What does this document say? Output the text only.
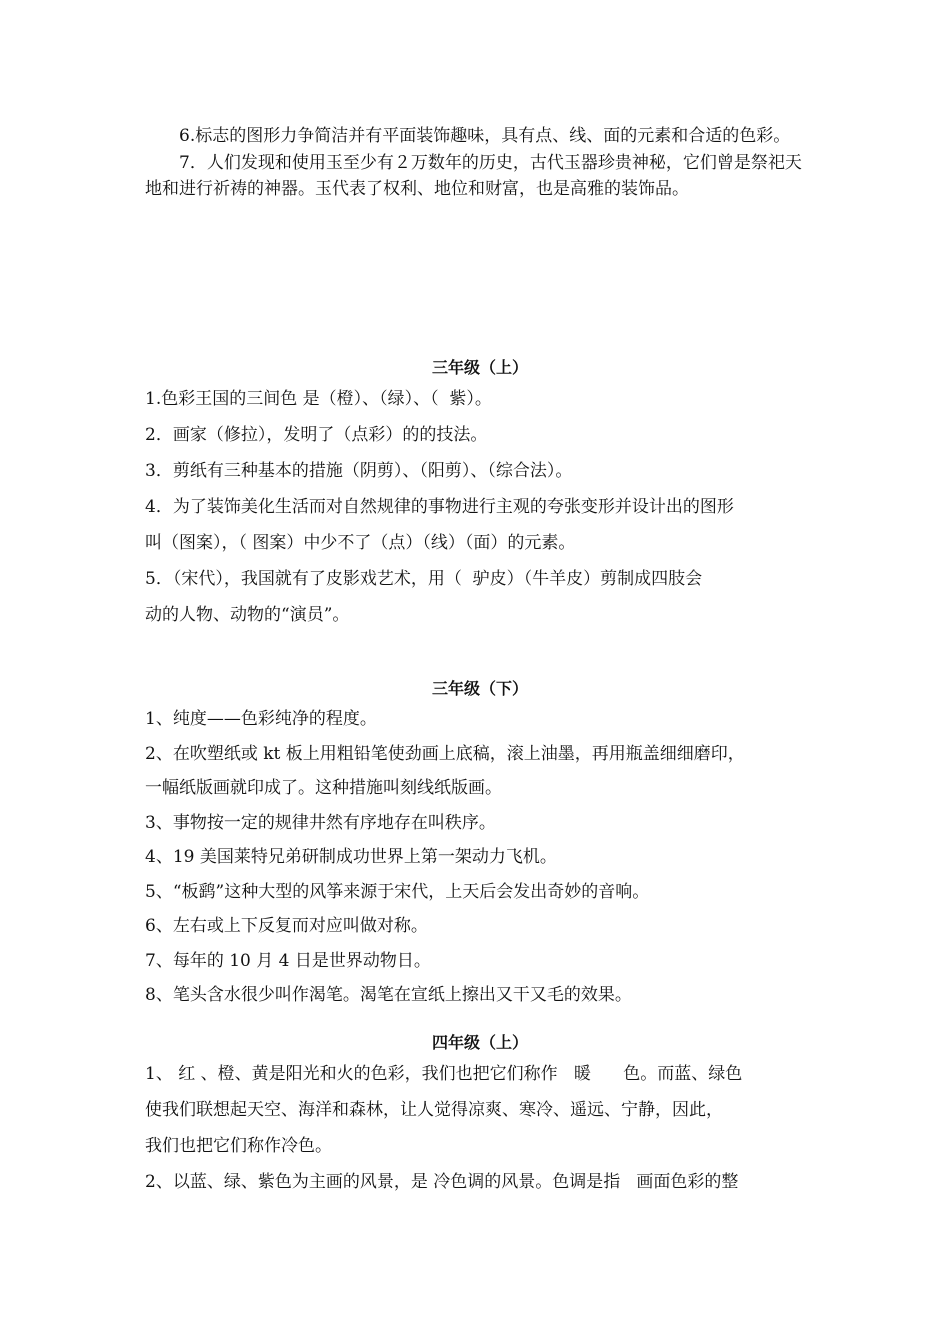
6.标志的图形力争简洁并有平面装饰趣味，具有点、线、面的元素和合适的色彩。

7．人们发现和使用玉至少有２万数年的历史，古代玉器珍贵神秘，它们曾是祭祀天地和进行祈祷的神器。玉代表了权利、地位和财富，也是高雅的装饰品。

三年级（上）

1.色彩王国的三间色 是（橙）、（绿）、（  紫）。

2．画家（修拉），发明了（点彩）的的技法。

3．剪纸有三种基本的措施（阴剪）、（阳剪）、（综合法）。

4．为了装饰美化生活而对自然规律的事物进行主观的夸张变形并设计出的图形

叫（图案），（ 图案）中少不了（点）（线）（面）的元素。

5．（宋代），我国就有了皮影戏艺术，用（  驴皮）（牛羊皮）剪制成四肢会

动的人物、动物的“演员”。

三年级（下）

1、纯度——色彩纯净的程度。

2、在吹塑纸或 kt 板上用粗铅笔使劲画上底稿，滚上油墨，再用瓶盖细细磨印，

一幅纸版画就印成了。这种措施叫刻线纸版画。

3、事物按一定的规律井然有序地存在叫秩序。

4、19 美国莱特兄弟研制成功世界上第一架动力飞机。

5、“板鹞”这种大型的风筝来源于宋代，上天后会发出奇妙的音响。

6、左右或上下反复而对应叫做对称。

7、每年的 10 月 4 日是世界动物日。

8、笔头含水很少叫作渴笔。渴笔在宣纸上擦出又干又毛的效果。

四年级（上）

1、 红 、橙、黄是阳光和火的色彩，我们也把它们称作   暖      色。而蓝、绿色

使我们联想起天空、海洋和森林，让人觉得凉爽、寒冷、遥远、宁静，因此，

我们也把它们称作冷色。

2、以蓝、绿、紫色为主画的风景，是 冷色调的风景。色调是指   画面色彩的整
